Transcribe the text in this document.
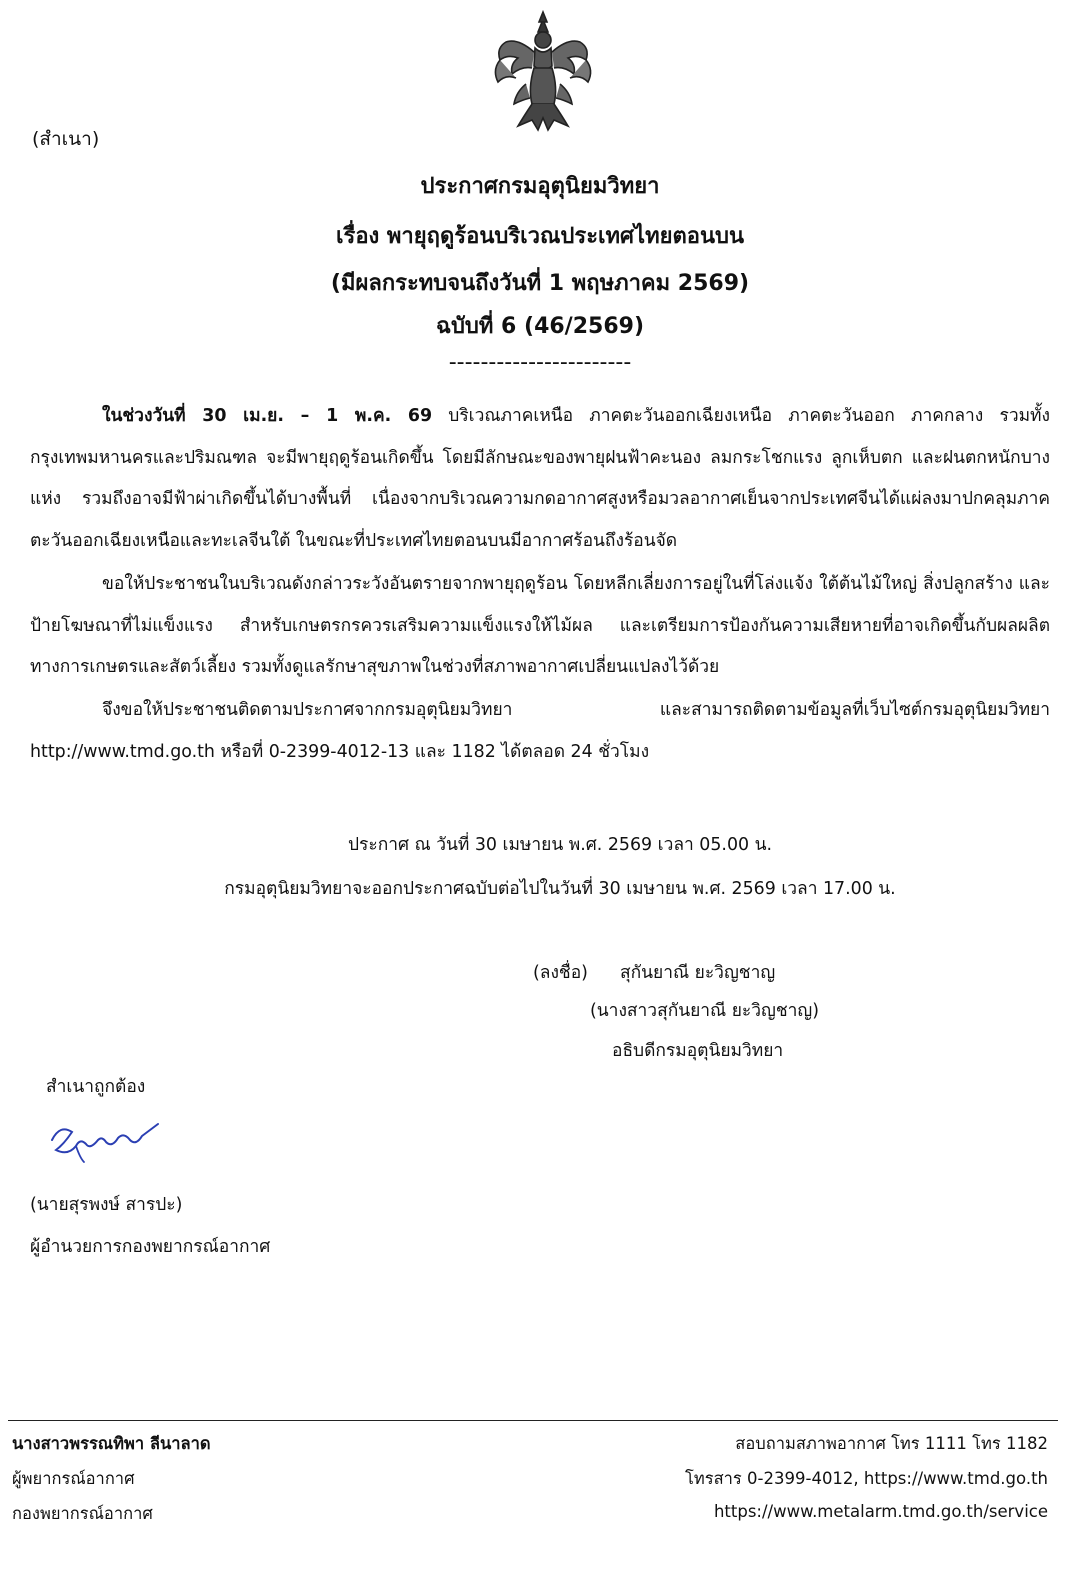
(สำเนา)
ประกาศกรมอุตุนิยมวิทยา
เรื่อง พายุฤดูร้อนบริเวณประเทศไทยตอนบน
(มีผลกระทบจนถึงวันที่ 1 พฤษภาคม 2569)
ฉบับที่ 6 (46/2569)
-----------------------

ในช่วงวันที่ 30 เม.ย. – 1 พ.ค. 69 บริเวณภาคเหนือ ภาคตะวันออกเฉียงเหนือ ภาคตะวันออก ภาคกลาง รวมทั้งกรุงเทพมหานครและปริมณฑล จะมีพายุฤดูร้อนเกิดขึ้น โดยมีลักษณะของพายุฝนฟ้าคะนอง ลมกระโชกแรง ลูกเห็บตก และฝนตกหนักบางแห่ง รวมถึงอาจมีฟ้าผ่าเกิดขึ้นได้บางพื้นที่ เนื่องจากบริเวณความกดอากาศสูงหรือมวลอากาศเย็นจากประเทศจีนได้แผ่ลงมาปกคลุมภาคตะวันออกเฉียงเหนือและทะเลจีนใต้ ในขณะที่ประเทศไทยตอนบนมีอากาศร้อนถึงร้อนจัด

ขอให้ประชาชนในบริเวณดังกล่าวระวังอันตรายจากพายุฤดูร้อน โดยหลีกเลี่ยงการอยู่ในที่โล่งแจ้ง ใต้ต้นไม้ใหญ่ สิ่งปลูกสร้าง และป้ายโฆษณาที่ไม่แข็งแรง สำหรับเกษตรกรควรเสริมความแข็งแรงให้ไม้ผล และเตรียมการป้องกันความเสียหายที่อาจเกิดขึ้นกับผลผลิต ทางการเกษตรและสัตว์เลี้ยง รวมทั้งดูแลรักษาสุขภาพในช่วงที่สภาพอากาศเปลี่ยนแปลงไว้ด้วย

จึงขอให้ประชาชนติดตามประกาศจากกรมอุตุนิยมวิทยา และสามารถติดตามข้อมูลที่เว็บไซต์กรมอุตุนิยมวิทยา http://www.tmd.go.th หรือที่ 0-2399-4012-13 และ 1182 ได้ตลอด 24 ชั่วโมง

ประกาศ ณ วันที่ 30 เมษายน พ.ศ. 2569 เวลา 05.00 น.
กรมอุตุนิยมวิทยาจะออกประกาศฉบับต่อไปในวันที่ 30 เมษายน พ.ศ. 2569 เวลา 17.00 น.
(ลงชื่อ) สุกันยาณี ยะวิญชาญ
(นางสาวสุกันยาณี ยะวิญชาญ)
อธิบดีกรมอุตุนิยมวิทยา
สำเนาถูกต้อง
(นายสุรพงษ์ สารปะ)
ผู้อำนวยการกองพยากรณ์อากาศ
นางสาวพรรณทิพา ลีนาลาด
ผู้พยากรณ์อากาศ
กองพยากรณ์อากาศ
สอบถามสภาพอากาศ โทร 1111 โทร 1182
โทรสาร 0-2399-4012, https://www.tmd.go.th
https://www.metalarm.tmd.go.th/service
